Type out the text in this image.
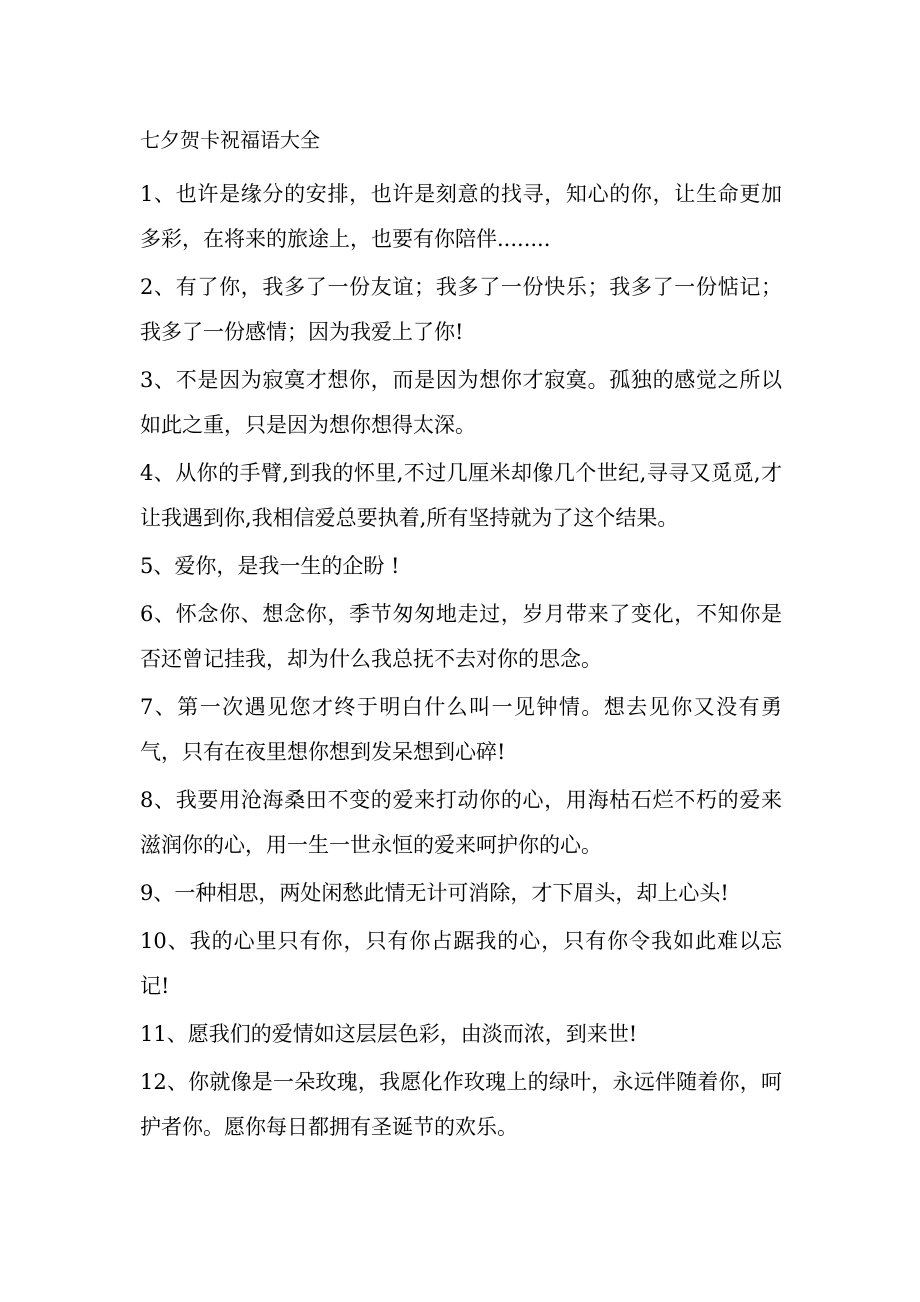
七夕贺卡祝福语大全
1、也许是缘分的安排，也许是刻意的找寻，知心的你，让生命更加多彩，在将来的旅途上，也要有你陪伴........
2、有了你，我多了一份友谊；我多了一份快乐；我多了一份惦记；我多了一份感情；因为我爱上了你!
3、不是因为寂寞才想你，而是因为想你才寂寞。孤独的感觉之所以如此之重，只是因为想你想得太深。
4、从你的手臂,到我的怀里,不过几厘米却像几个世纪,寻寻又觅觅,才让我遇到你,我相信爱总要执着,所有坚持就为了这个结果。
5、爱你，是我一生的企盼 !
6、怀念你、想念你，季节匆匆地走过，岁月带来了变化，不知你是否还曾记挂我，却为什么我总抚不去对你的思念。
7、第一次遇见您才终于明白什么叫一见钟情。想去见你又没有勇气，只有在夜里想你想到发呆想到心碎!
8、我要用沧海桑田不变的爱来打动你的心，用海枯石烂不朽的爱来滋润你的心，用一生一世永恒的爱来呵护你的心。
9、一种相思，两处闲愁此情无计可消除，才下眉头，却上心头!
10、我的心里只有你，只有你占踞我的心，只有你令我如此难以忘记!
11、愿我们的爱情如这层层色彩，由淡而浓，到来世!
12、你就像是一朵玫瑰，我愿化作玫瑰上的绿叶，永远伴随着你，呵护者你。愿你每日都拥有圣诞节的欢乐。
